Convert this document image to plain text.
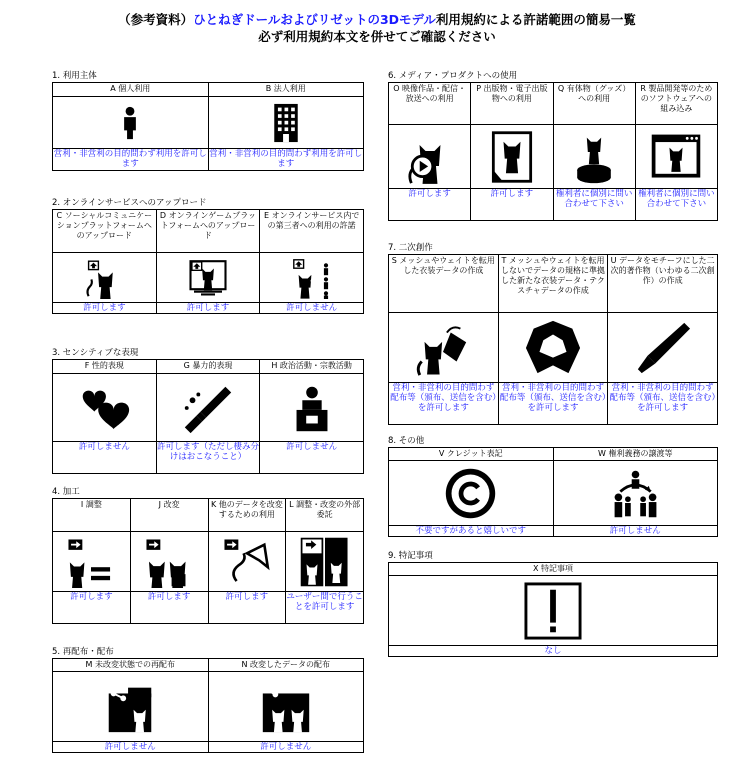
（参考資料）ひとねぎドールおよびリゼットの3Dモデル利用規約による許諾範囲の簡易一覧
必ず利用規約本文を併せてご確認ください
1. 利用主体
A 個人利用	B 法人利用

営利・非営利の目的問わず利用を許可します	営利・非営利の目的問わず利用を許可します
2. オンラインサービスへのアップロード
C ソーシャルコミュニケーションプラットフォームへのアップロード	D オンラインゲームプラットフォームへのアップロード	E オンラインサービス内での第三者への利用の許諾

許可します	許可します	許可しません
3. センシティブな表現
F 性的表現	G 暴力的表現	H 政治活動・宗教活動

許可しません	許可します（ただし棲み分けはおこなうこと）	許可しません
4. 加工
I 調整	J 改変	K 他のデータを改変するための利用	L 調整・改変の外部委託

許可します	許可します	許可します	ユーザー間で行うことを許可します
5. 再配布・配布
M 未改変状態での再配布	N 改変したデータの配布

許可しません	許可しません
6. メディア・プロダクトへの使用
O 映像作品・配信・放送への利用	P 出版物・電子出版物への利用	Q 有体物（グッズ）への利用	R 製品開発等のためのソフトウェアへの組み込み

許可します	許可します	権利者に個別に問い合わせて下さい	権利者に個別に問い合わせて下さい
7. 二次創作
S メッシュやウェイトを転用した衣装データの作成	T メッシュやウェイトを転用しないでデータの規格に準拠した新たな衣装データ・テクスチャデータの作成	U データをモチーフにした二次的著作物（いわゆる二次創作）の作成

営利・非営利の目的問わず配布等（頒布、送信を含む）を許可します	営利・非営利の目的問わず配布等（頒布、送信を含む）を許可します	営利・非営利の目的問わず配布等（頒布、送信を含む）を許可します
8. その他
V クレジット表記	W 権利義務の譲渡等

不要ですがあると嬉しいです	許可しません
9. 特記事項
X 特記事項

なし
